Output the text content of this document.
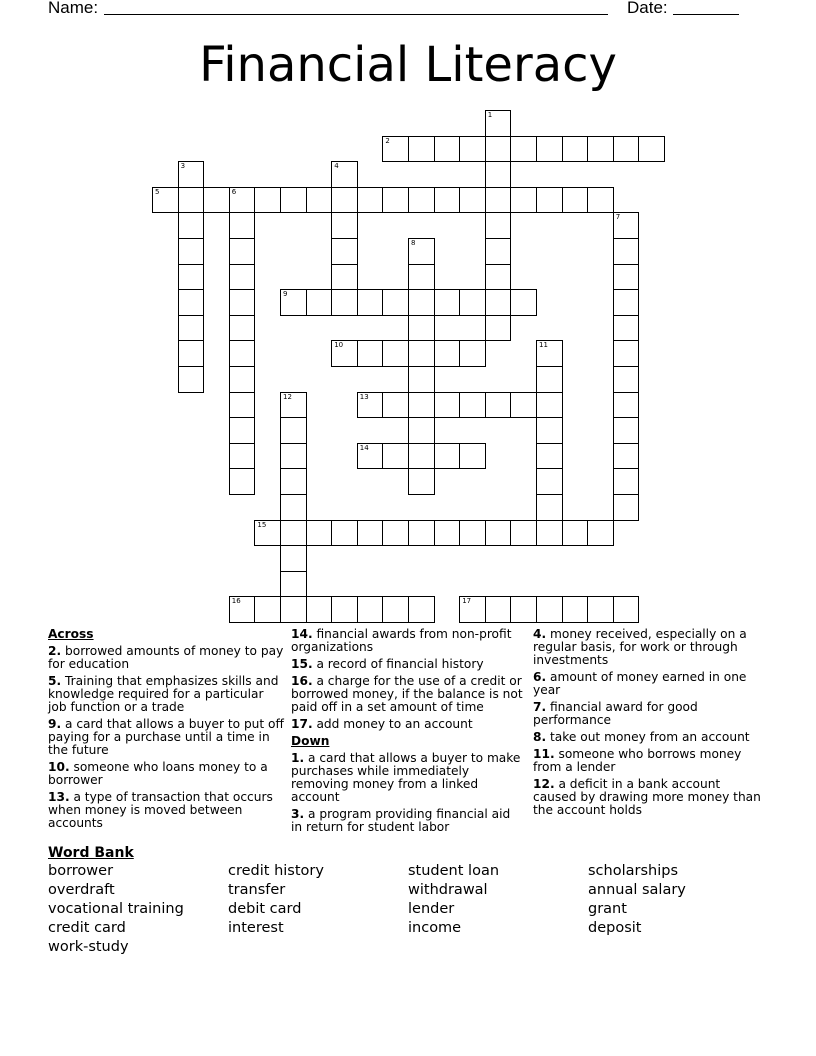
Name:	Date:
Financial Literacy
1
2
3	4
5	6
7
8
9
10	11
12	13
14
15
16	17
Across
2. borrowed amounts of money to pay for education
5. Training that emphasizes skills and knowledge required for a particular job function or a trade
9. a card that allows a buyer to put off paying for a purchase until a time in the future
10. someone who loans money to a borrower
13. a type of transaction that occurs when money is moved between accounts
14. financial awards from non-profit organizations
15. a record of financial history
16. a charge for the use of a credit or borrowed money, if the balance is not paid off in a set amount of time
17. add money to an account
Down
1. a card that allows a buyer to make purchases while immediately removing money from a linked account
3. a program providing financial aid in return for student labor
4. money received, especially on a regular basis, for work or through investments
6. amount of money earned in one year
7. financial award for good performance
8. take out money from an account
11. someone who borrows money from a lender
12. a deficit in a bank account caused by drawing more money than the account holds
Word Bank
borrower	credit history	student loan	scholarships
overdraft	transfer	withdrawal	annual salary
vocational training	debit card	lender	grant
credit card	interest	income	deposit
work-study
